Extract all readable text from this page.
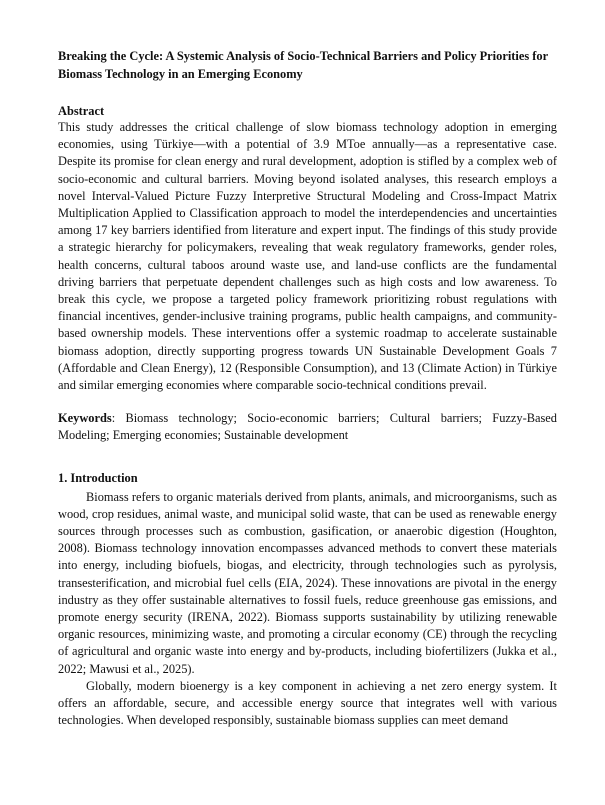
Breaking the Cycle: A Systemic Analysis of Socio-Technical Barriers and Policy Priorities for Biomass Technology in an Emerging Economy

Abstract

This study addresses the critical challenge of slow biomass technology adoption in emerging economies, using Türkiye—with a potential of 3.9 MToe annually—as a representative case. Despite its promise for clean energy and rural development, adoption is stifled by a complex web of socio-economic and cultural barriers. Moving beyond isolated analyses, this research employs a novel Interval-Valued Picture Fuzzy Interpretive Structural Modeling and Cross-Impact Matrix Multiplication Applied to Classification approach to model the interdependencies and uncertainties among 17 key barriers identified from literature and expert input. The findings of this study provide a strategic hierarchy for policymakers, revealing that weak regulatory frameworks, gender roles, health concerns, cultural taboos around waste use, and land-use conflicts are the fundamental driving barriers that perpetuate dependent challenges such as high costs and low awareness. To break this cycle, we propose a targeted policy framework prioritizing robust regulations with financial incentives, gender-inclusive training programs, public health campaigns, and community-based ownership models. These interventions offer a systemic roadmap to accelerate sustainable biomass adoption, directly supporting progress towards UN Sustainable Development Goals 7 (Affordable and Clean Energy), 12 (Responsible Consumption), and 13 (Climate Action) in Türkiye and similar emerging economies where comparable socio-technical conditions prevail.

Keywords: Biomass technology; Socio-economic barriers; Cultural barriers; Fuzzy-Based Modeling; Emerging economies; Sustainable development

1. Introduction

Biomass refers to organic materials derived from plants, animals, and microorganisms, such as wood, crop residues, animal waste, and municipal solid waste, that can be used as renewable energy sources through processes such as combustion, gasification, or anaerobic digestion (Houghton, 2008). Biomass technology innovation encompasses advanced methods to convert these materials into energy, including biofuels, biogas, and electricity, through technologies such as pyrolysis, transesterification, and microbial fuel cells (EIA, 2024). These innovations are pivotal in the energy industry as they offer sustainable alternatives to fossil fuels, reduce greenhouse gas emissions, and promote energy security (IRENA, 2022). Biomass supports sustainability by utilizing renewable organic resources, minimizing waste, and promoting a circular economy (CE) through the recycling of agricultural and organic waste into energy and by-products, including biofertilizers (Jukka et al., 2022; Mawusi et al., 2025).

Globally, modern bioenergy is a key component in achieving a net zero energy system. It offers an affordable, secure, and accessible energy source that integrates well with various technologies. When developed responsibly, sustainable biomass supplies can meet demand
